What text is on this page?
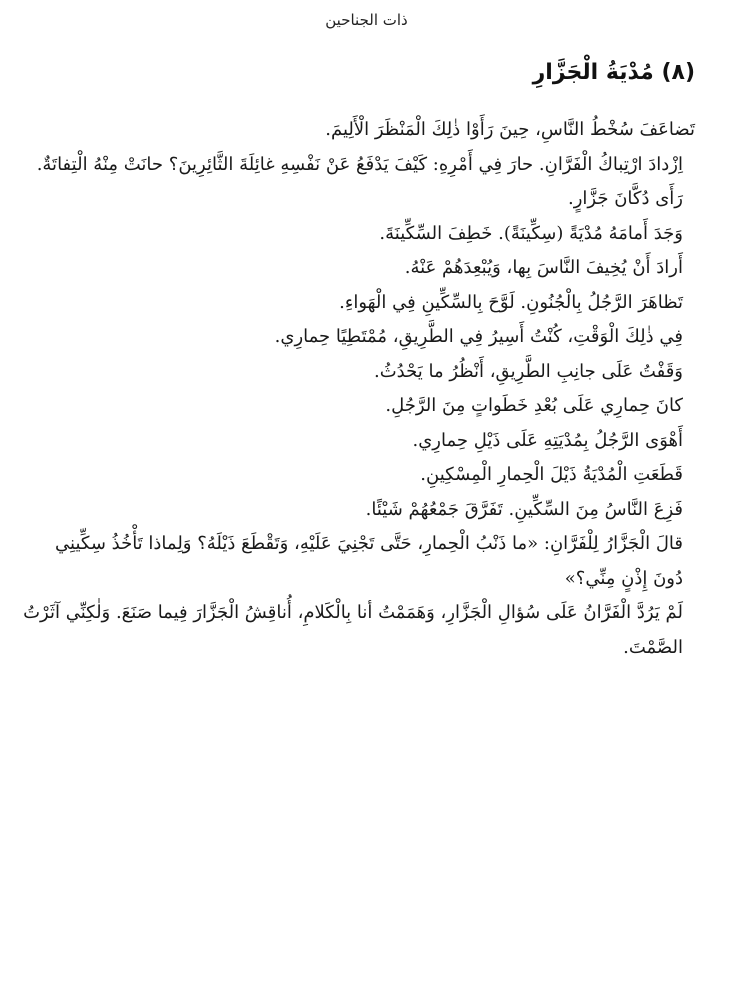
ذات الجناحين
(٨) مُدْيَةُ الْجَزَّارِ

تَضاعَفَ سُخْطُ النَّاسِ، حِينَ رَأَوْا ذٰلِكَ الْمَنْظَرَ الْأَلِيمَ.

اِزْدادَ ارْتِباكُ الْفَرَّانِ. حارَ فِي أَمْرِهِ: كَيْفَ يَدْفَعُ عَنْ نَفْسِهِ غائِلَةَ الثَّائِرِينَ؟ حانَتْ مِنْهُ الْتِفاتَةٌ. رَأَى دُكَّانَ جَزَّارٍ.

وَجَدَ أَمامَهُ مُدْيَةً (سِكِّينَةً). خَطِفَ السِّكِّينَةَ.

أَرادَ أَنْ يُخِيفَ النَّاسَ بِها، وَيُبْعِدَهُمْ عَنْهُ.

تَظاهَرَ الرَّجُلُ بِالْجُنُونِ. لَوَّحَ بِالسِّكِّينِ فِي الْهَواءِ.

فِي ذٰلِكَ الْوَقْتِ، كُنْتُ أَسِيرُ فِي الطَّرِيقِ، مُمْتَطِيًا حِمارِي.

وَقَفْتُ عَلَى جانِبِ الطَّرِيقِ، أَنْظُرُ ما يَحْدُثُ.

كانَ حِمارِي عَلَى بُعْدِ خَطَواتٍ مِنَ الرَّجُلِ.

أَهْوَى الرَّجُلُ بِمُدْيَتِهِ عَلَى ذَيْلِ حِمارِي.

قَطَعَتِ الْمُدْيَةُ ذَيْلَ الْحِمارِ الْمِسْكِينِ.

فَزِعَ النَّاسُ مِنَ السِّكِّينِ. تَفَرَّقَ جَمْعُهُمْ شَيْئًا.

قالَ الْجَزَّارُ لِلْفَرَّانِ: «ما ذَنْبُ الْحِمارِ، حَتَّى تَجْنِيَ عَلَيْهِ، وَتَقْطَعَ ذَيْلَهُ؟ وَلِماذا تَأْخُذُ سِكِّينِي دُونَ إِذْنٍ مِنِّي؟»

لَمْ يَرُدَّ الْفَرَّانُ عَلَى سُؤالِ الْجَزَّارِ، وَهَمَمْتُ أنا بِالْكَلامِ، أُناقِشُ الْجَزَّارَ فِيما صَنَعَ. وَلٰكِنِّي آثَرْتُ الصَّمْتَ.
